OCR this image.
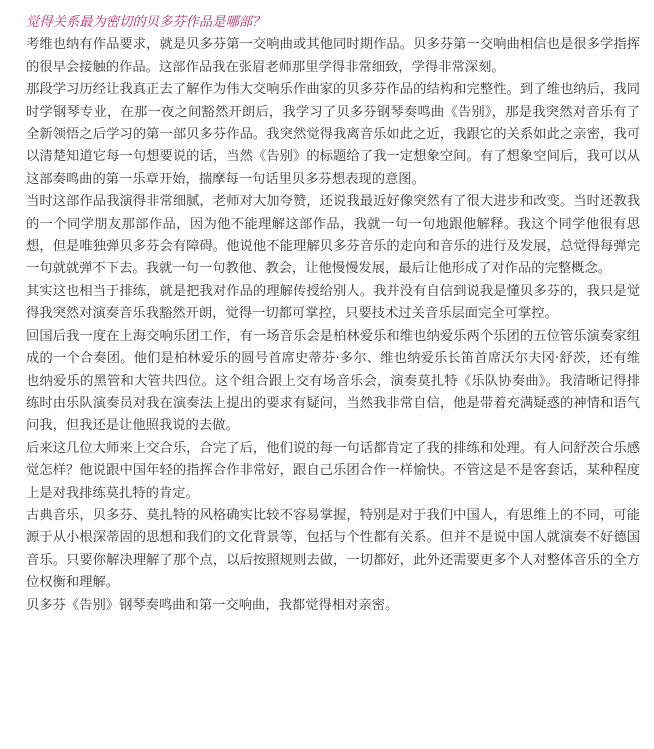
觉得关系最为密切的贝多芬作品是哪部？

考维也纳有作品要求，就是贝多芬第一交响曲或其他同时期作品。贝多芬第一交响曲相信也是很多学指挥的很早会接触的作品。这部作品我在张眉老师那里学得非常细致，学得非常深刻。

那段学习历经让我真正去了解作为伟大交响乐作曲家的贝多芬作品的结构和完整性。到了维也纳后，我同时学钢琴专业，在那一夜之间豁然开朗后，我学习了贝多芬钢琴奏鸣曲《告别》，那是我突然对音乐有了全新领悟之后学习的第一部贝多芬作品。我突然觉得我离音乐如此之近，我跟它的关系如此之亲密，我可以清楚知道它每一句想要说的话，当然《告别》的标题给了我一定想象空间。有了想象空间后，我可以从这部奏鸣曲的第一乐章开始，揣摩每一句话里贝多芬想表现的意图。

当时这部作品我演得非常细腻，老师对大加夸赞，还说我最近好像突然有了很大进步和改变。当时还教我的一个同学朋友那部作品，因为他不能理解这部作品，我就一句一句地跟他解释。我这个同学他很有思想，但是唯独弹贝多芬会有障碍。他说他不能理解贝多芬音乐的走向和音乐的进行及发展，总觉得每弹完一句就就弹不下去。我就一句一句教他、教会，让他慢慢发展，最后让他形成了对作品的完整概念。

其实这也相当于排练，就是把我对作品的理解传授给别人。我并没有自信到说我是懂贝多芬的，我只是觉得我突然对演奏音乐我豁然开朗，觉得一切都可掌控，只要技术过关音乐层面完全可掌控。

回国后我一度在上海交响乐团工作，有一场音乐会是柏林爱乐和维也纳爱乐两个乐团的五位管乐演奏家组成的一个合奏团。他们是柏林爱乐的圆号首席史蒂芬·多尔、维也纳爱乐长笛首席沃尔夫冈·舒茨，还有维也纳爱乐的黑管和大管共四位。这个组合跟上交有场音乐会，演奏莫扎特《乐队协奏曲》。我清晰记得排练时由乐队演奏员对我在演奏法上提出的要求有疑问，当然我非常自信，他是带着充满疑惑的神情和语气问我，但我还是让他照我说的去做。

后来这几位大师来上交合乐，合完了后，他们说的每一句话都肯定了我的排练和处理。有人问舒茨合乐感觉怎样？他说跟中国年轻的指挥合作非常好，跟自己乐团合作一样愉快。不管这是不是客套话，某种程度上是对我排练莫扎特的肯定。

古典音乐，贝多芬、莫扎特的风格确实比较不容易掌握，特别是对于我们中国人，有思维上的不同，可能源于从小根深蒂固的思想和我们的文化背景等，包括与个性都有关系。但并不是说中国人就演奏不好德国音乐。只要你解决理解了那个点，以后按照规则去做，一切都好，此外还需要更多个人对整体音乐的全方位权衡和理解。

贝多芬《告别》钢琴奏鸣曲和第一交响曲，我都觉得相对亲密。
